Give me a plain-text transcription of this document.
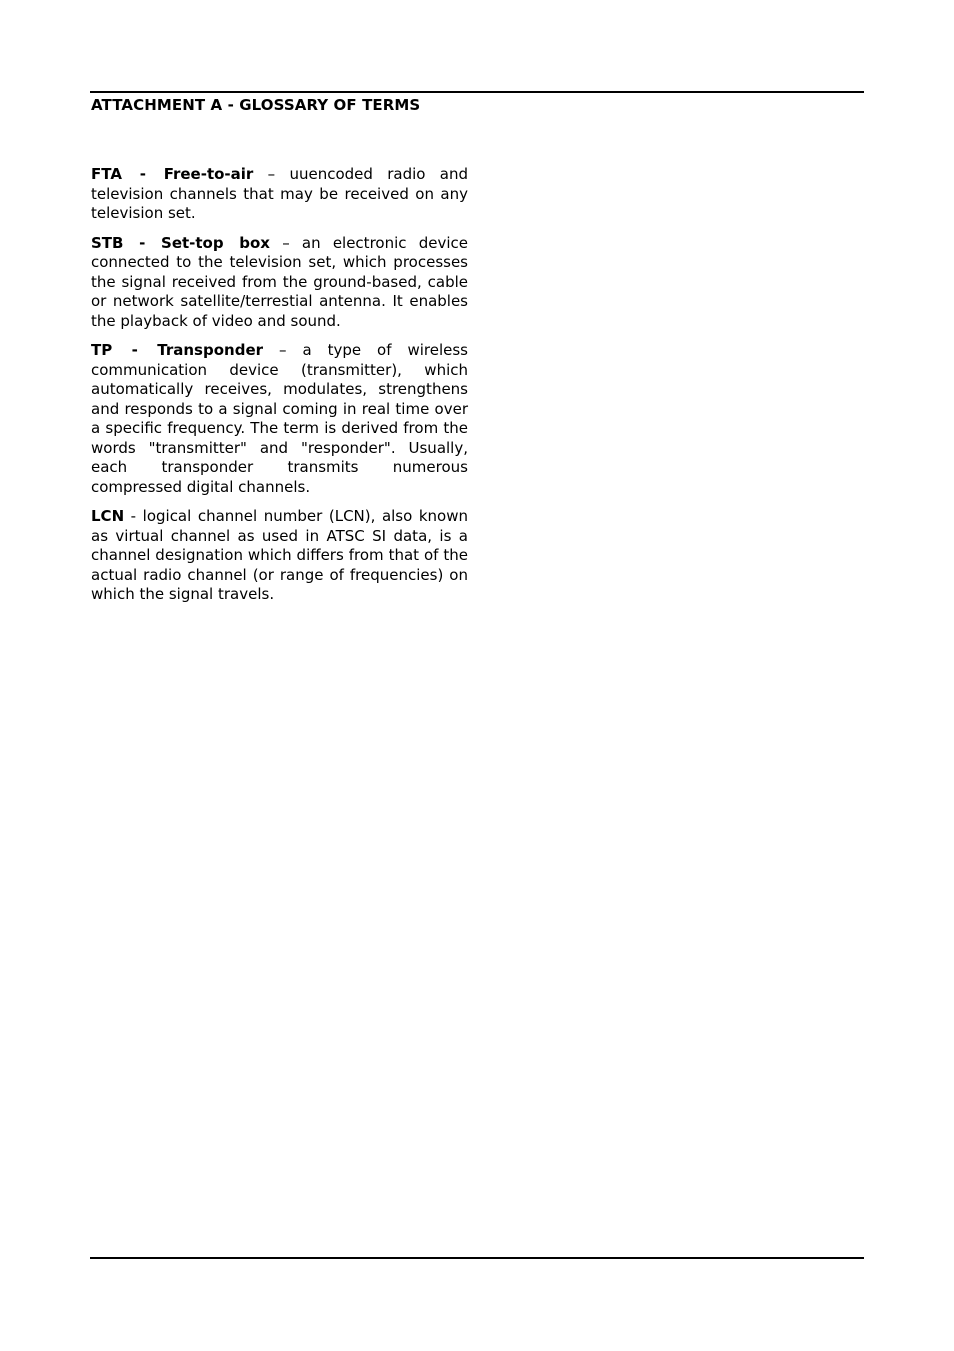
ATTACHMENT A - GLOSSARY OF TERMS

FTA - Free-to-air – uuencoded radio and television channels that may be received on any television set.

STB - Set-top box – an electronic device connected to the television set, which processes the signal received from the ground-based, cable or network satellite/terrestial antenna. It enables the playback of video and sound.

TP - Transponder – a type of wireless communication device (transmitter), which automatically receives, modulates, strengthens and responds to a signal coming in real time over a specific frequency. The term is derived from the words "transmitter" and "responder". Usually, each transponder transmits numerous compressed digital channels.

LCN - logical channel number (LCN), also known as virtual channel as used in ATSC SI data, is a channel designation which differs from that of the actual radio channel (or range of frequencies) on which the signal travels.
